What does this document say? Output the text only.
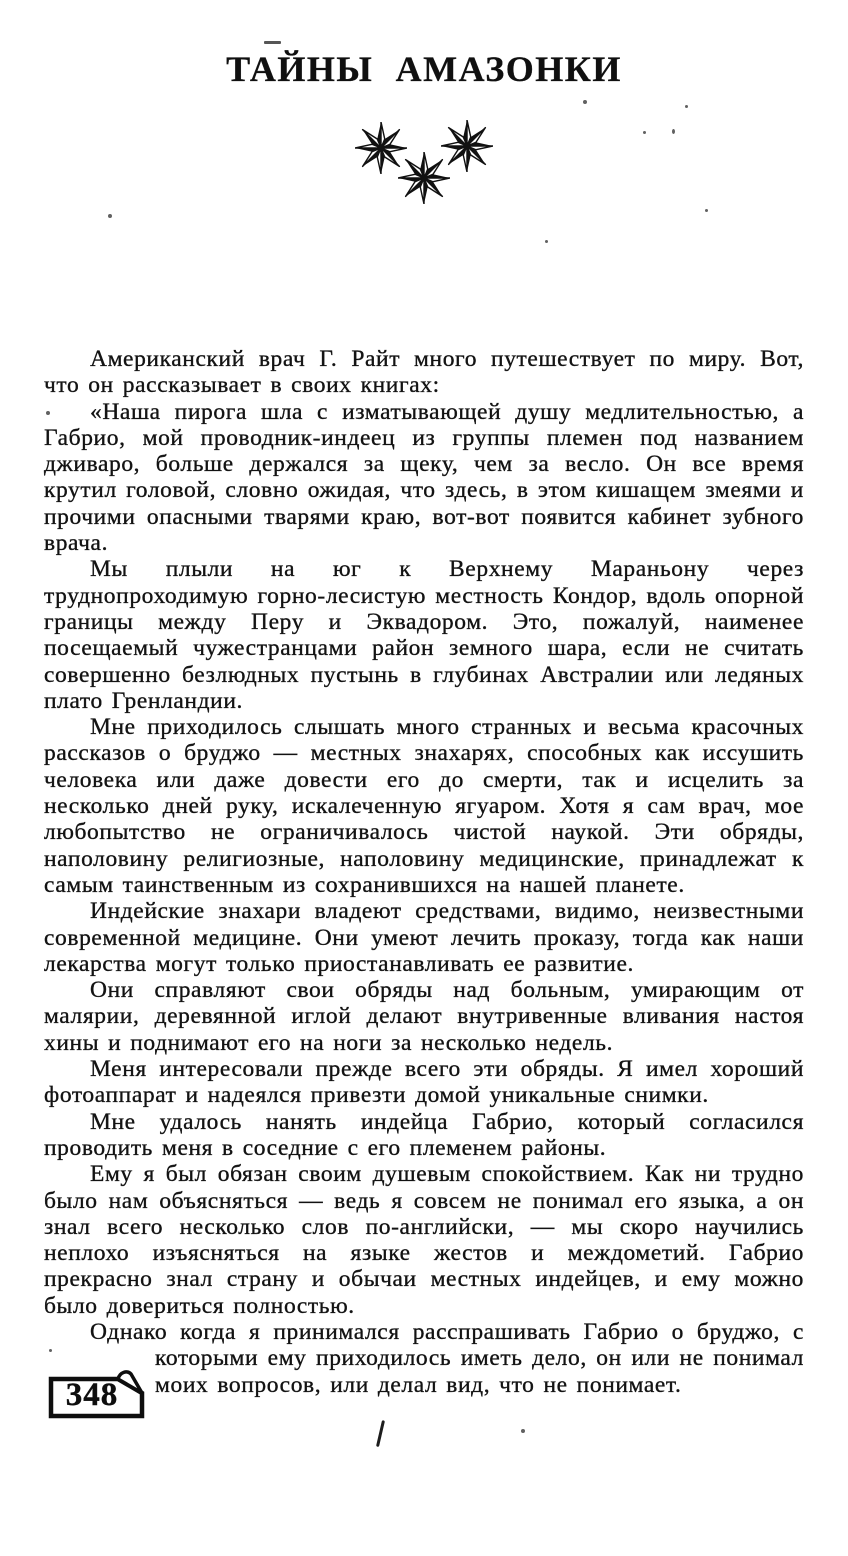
ТАЙНЫ АМАЗОНКИ

Американский врач Г. Райт много путешествует по миру. Вот, что он рассказывает в своих книгах:

«Наша пирога шла с изматывающей душу медлительностью, а Габрио, мой проводник-индеец из группы племен под названием дживаро, больше держался за щеку, чем за весло. Он все время крутил головой, словно ожидая, что здесь, в этом кишащем змеями и прочими опасными тварями краю, вот-вот появится кабинет зубного врача.

Мы плыли на юг к Верхнему Мараньону через труднопроходимую горно-лесистую местность Кондор, вдоль опорной границы между Перу и Эквадором. Это, пожалуй, наименее посещаемый чужестранцами район земного шара, если не считать совершенно безлюдных пустынь в глубинах Австралии или ледяных плато Гренландии.

Мне приходилось слышать много странных и весьма красочных рассказов о бруджо — местных знахарях, способных как иссушить человека или даже довести его до смерти, так и исцелить за несколько дней руку, искалеченную ягуаром. Хотя я сам врач, мое любопытство не ограничивалось чистой наукой. Эти обряды, наполовину религиозные, наполовину медицинские, принадлежат к самым таинственным из сохранившихся на нашей планете.

Индейские знахари владеют средствами, видимо, неизвестными современной медицине. Они умеют лечить проказу, тогда как наши лекарства могут только приостанавливать ее развитие.

Они справляют свои обряды над больным, умирающим от малярии, деревянной иглой делают внутривенные вливания настоя хины и поднимают его на ноги за несколько недель.

Меня интересовали прежде всего эти обряды. Я имел хороший фотоаппарат и надеялся привезти домой уникальные снимки.

Мне удалось нанять индейца Габрио, который согласился проводить меня в соседние с его племенем районы.

Ему я был обязан своим душевым спокойствием. Как ни трудно было нам объясняться — ведь я совсем не понимал его языка, а он знал всего несколько слов по-английски, — мы скоро научились неплохо изъясняться на языке жестов и междометий. Габрио прекрасно знал страну и обычаи местных индейцев, и ему можно было довериться полностью.

Однако когда я принимался расспрашивать Габрио о бруджо, с

которыми ему приходилось иметь дело, он или не понимал моих вопросов, или делал вид, что не понимает.
348
